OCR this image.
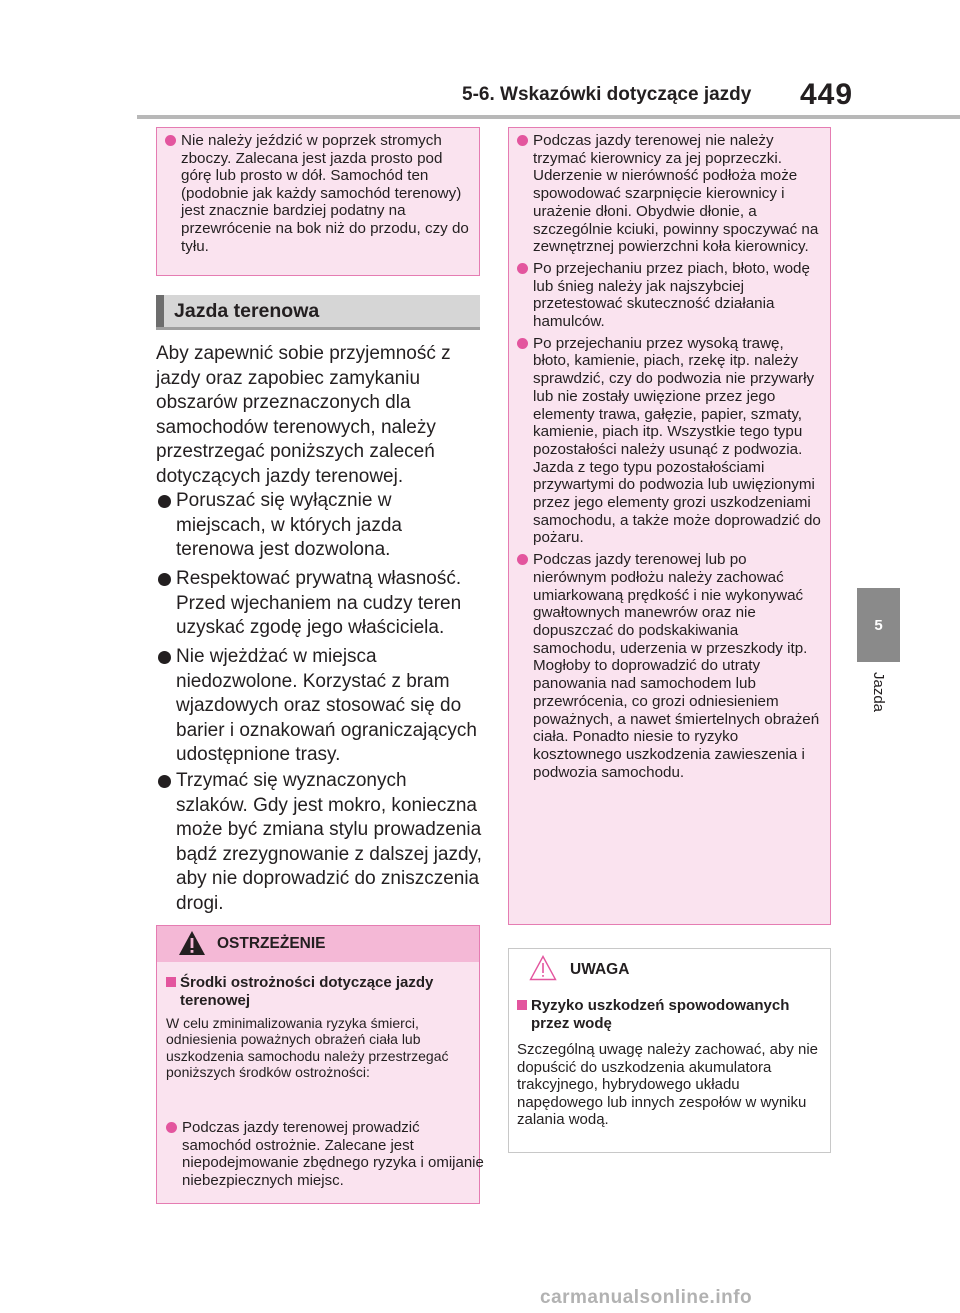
5-6. Wskazówki dotyczące jazdy	449
5
Jazda
Nie należy jeździć w poprzek stromych zboczy. Zalecana jest jazda prosto pod górę lub prosto w dół. Samochód ten (podobnie jak każdy samochód terenowy) jest znacznie bardziej podatny na przewrócenie na bok niż do przodu, czy do tyłu.
Jazda terenowa
Aby zapewnić sobie przyjemność z jazdy oraz zapobiec zamykaniu obszarów przeznaczonych dla samochodów terenowych, należy przestrzegać poniższych zaleceń dotyczących jazdy terenowej.
Poruszać się wyłącznie w miejscach, w których jazda terenowa jest dozwolona.
Respektować prywatną własność. Przed wjechaniem na cudzy teren uzyskać zgodę jego właściciela.
Nie wjeżdżać w miejsca niedozwolone. Korzystać z bram wjazdowych oraz stosować się do barier i oznakowań ograniczających udostępnione trasy.
Trzymać się wyznaczonych szlaków. Gdy jest mokro, konieczna może być zmiana stylu prowadzenia bądź zrezygnowanie z dalszej jazdy, aby nie doprowadzić do zniszczenia drogi.
OSTRZEŻENIE
Środki ostrożności dotyczące jazdy terenowej
W celu zminimalizowania ryzyka śmierci, odniesienia poważnych obrażeń ciała lub uszkodzenia samochodu należy przestrzegać poniższych środków ostrożności:
Podczas jazdy terenowej prowadzić samochód ostrożnie. Zalecane jest niepodejmowanie zbędnego ryzyka i omijanie niebezpiecznych miejsc.
Podczas jazdy terenowej nie należy trzymać kierownicy za jej poprzeczki. Uderzenie w nierówność podłoża może spowodować szarpnięcie kierownicy i urażenie dłoni. Obydwie dłonie, a szczególnie kciuki, powinny spoczywać na zewnętrznej powierzchni koła kierownicy.
Po przejechaniu przez piach, błoto, wodę lub śnieg należy jak najszybciej przetestować skuteczność działania hamulców.
Po przejechaniu przez wysoką trawę, błoto, kamienie, piach, rzekę itp. należy sprawdzić, czy do podwozia nie przywarły lub nie zostały uwięzione przez jego elementy trawa, gałęzie, papier, szmaty, kamienie, piach itp. Wszystkie tego typu pozostałości należy usunąć z podwozia. Jazda z tego typu pozostałościami przywartymi do podwozia lub uwięzionymi przez jego elementy grozi uszkodzeniami samochodu, a także może doprowadzić do pożaru.
Podczas jazdy terenowej lub po nierównym podłożu należy zachować umiarkowaną prędkość i nie wykonywać gwałtownych manewrów oraz nie dopuszczać do podskakiwania samochodu, uderzenia w przeszkody itp. Mogłoby to doprowadzić do utraty panowania nad samochodem lub przewrócenia, co grozi odniesieniem poważnych, a nawet śmiertelnych obrażeń ciała. Ponadto niesie to ryzyko kosztownego uszkodzenia zawieszenia i podwozia samochodu.
UWAGA
Ryzyko uszkodzeń spowodowanych przez wodę
Szczególną uwagę należy zachować, aby nie dopuścić do uszkodzenia akumulatora trakcyjnego, hybrydowego układu napędowego lub innych zespołów w wyniku zalania wodą.
carmanualsonline.info
